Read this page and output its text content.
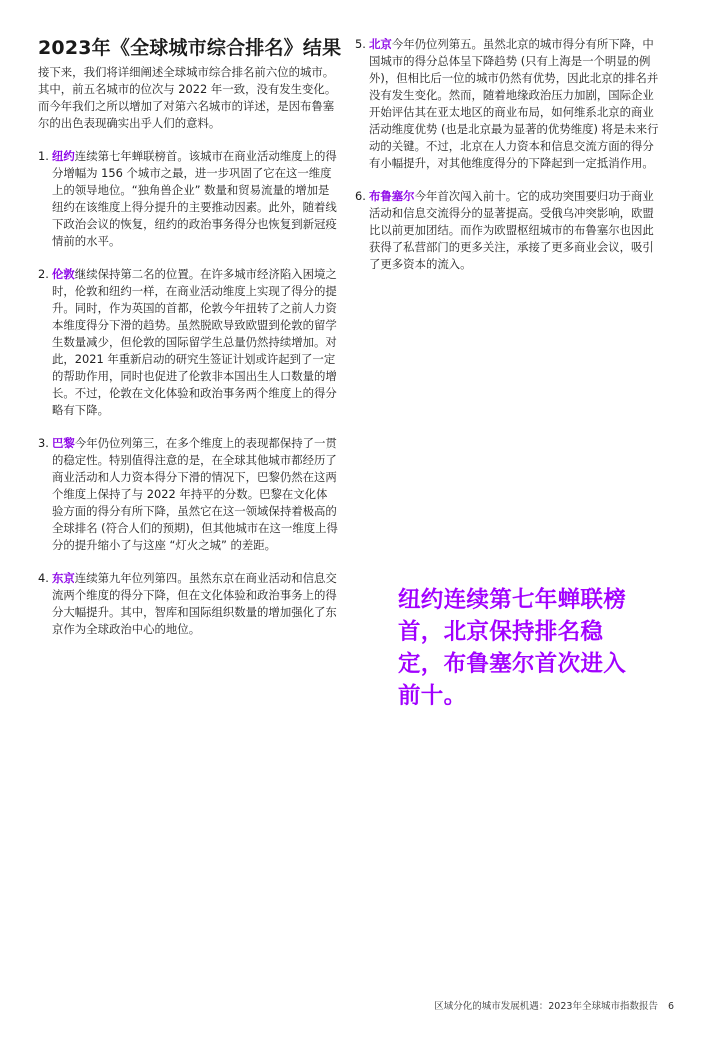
2023年《全球城市综合排名》结果

接下来，我们将详细阐述全球城市综合排名前六位的城市。其中，前五名城市的位次与 2022 年一致，没有发生变化。而今年我们之所以增加了对第六名城市的详述，是因布鲁塞尔的出色表现确实出乎人们的意料。

1. 纽约连续第七年蝉联榜首。该城市在商业活动维度上的得分增幅为 156 个城市之最，进一步巩固了它在这一维度上的领导地位。“独角兽企业” 数量和贸易流量的增加是纽约在该维度上得分提升的主要推动因素。此外，随着线下政治会议的恢复，纽约的政治事务得分也恢复到新冠疫情前的水平。
2. 伦敦继续保持第二名的位置。在许多城市经济陷入困境之时，伦敦和纽约一样，在商业活动维度上实现了得分的提升。同时，作为英国的首都，伦敦今年扭转了之前人力资本维度得分下滑的趋势。虽然脱欧导致欧盟到伦敦的留学生数量减少，但伦敦的国际留学生总量仍然持续增加。对此，2021 年重新启动的研究生签证计划或许起到了一定的帮助作用，同时也促进了伦敦非本国出生人口数量的增长。不过，伦敦在文化体验和政治事务两个维度上的得分略有下降。
3. 巴黎今年仍位列第三，在多个维度上的表现都保持了一贯的稳定性。特别值得注意的是，在全球其他城市都经历了商业活动和人力资本得分下滑的情况下，巴黎仍然在这两个维度上保持了与 2022 年持平的分数。巴黎在文化体验方面的得分有所下降，虽然它在这一领域保持着极高的全球排名 (符合人们的预期)，但其他城市在这一维度上得分的提升缩小了与这座 “灯火之城” 的差距。
4. 东京连续第九年位列第四。虽然东京在商业活动和信息交流两个维度的得分下降，但在文化体验和政治事务上的得分大幅提升。其中，智库和国际组织数量的增加强化了东京作为全球政治中心的地位。
5. 北京今年仍位列第五。虽然北京的城市得分有所下降，中国城市的得分总体呈下降趋势 (只有上海是一个明显的例外)，但相比后一位的城市仍然有优势，因此北京的排名并没有发生变化。然而，随着地缘政治压力加剧，国际企业开始评估其在亚太地区的商业布局，如何维系北京的商业活动维度优势 (也是北京最为显著的优势维度) 将是未来行动的关键。不过，北京在人力资本和信息交流方面的得分有小幅提升，对其他维度得分的下降起到一定抵消作用。
6. 布鲁塞尔今年首次闯入前十。它的成功突围要归功于商业活动和信息交流得分的显著提高。受俄乌冲突影响，欧盟比以前更加团结。而作为欧盟枢纽城市的布鲁塞尔也因此获得了私营部门的更多关注，承接了更多商业会议，吸引了更多资本的流入。
纽约连续第七年蝉联榜首，北京保持排名稳定，布鲁塞尔首次进入前十。
区域分化的城市发展机遇：2023年全球城市指数报告 6
